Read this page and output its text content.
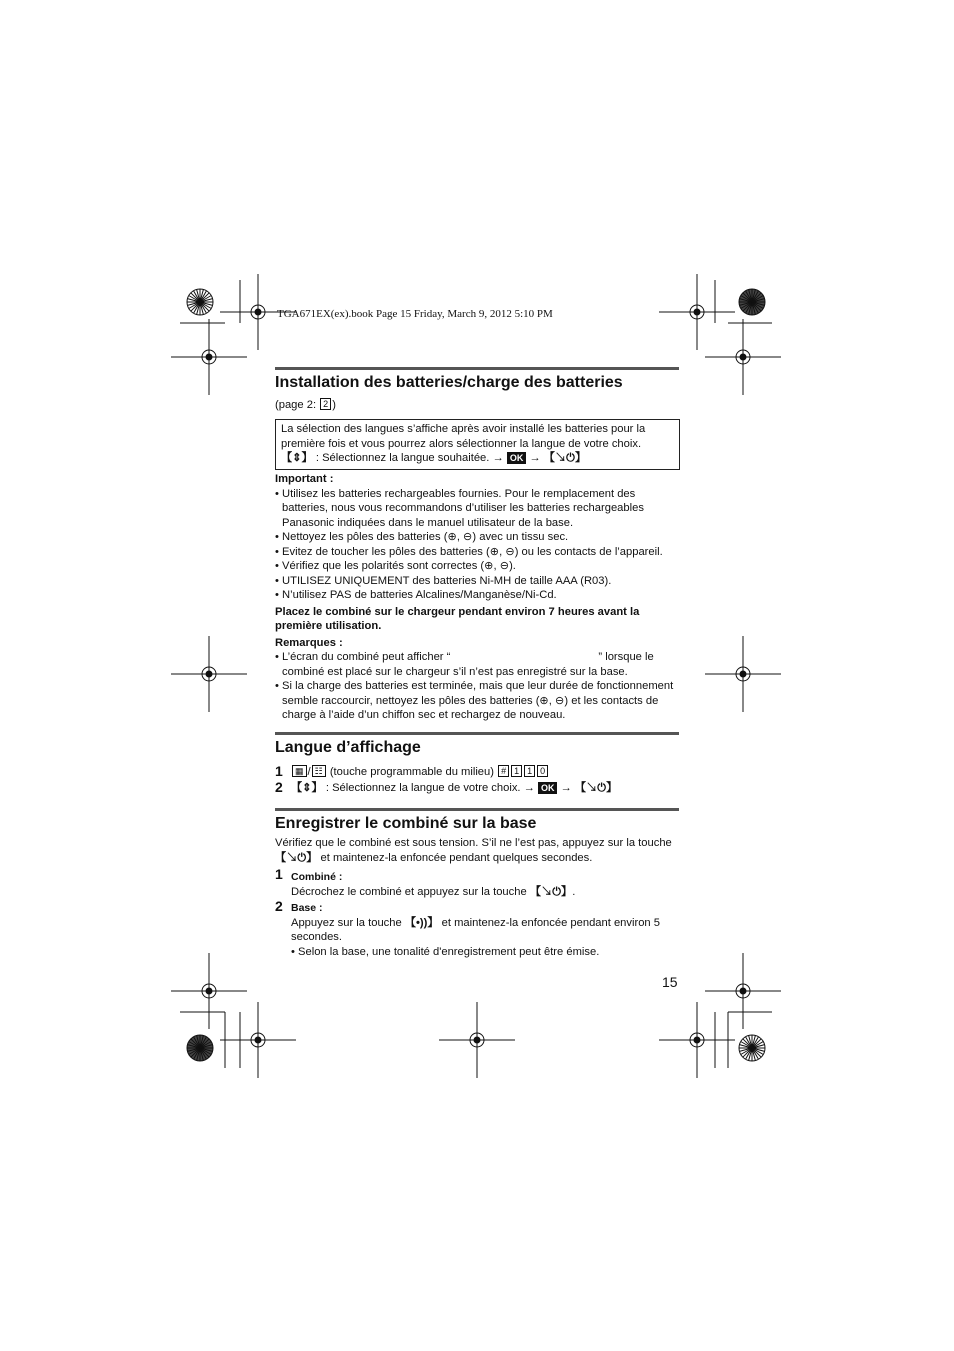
TGA671EX(ex).book Page 15 Friday, March 9, 2012 5:10 PM
Installation des batteries/charge des batteries
(page 2: 2 )
La sélection des langues s’affiche après avoir installé les batteries pour la
première fois et vous pourrez alors sélectionner la langue de votre choix.
【⇕】 : Sélectionnez la langue souhaitée. → OK → 【↘⏻】
Important :
• Utilisez les batteries rechargeables fournies. Pour le remplacement des batteries, nous vous recommandons d’utiliser les batteries rechargeables Panasonic indiquées dans le manuel utilisateur de la base.
• Nettoyez les pôles des batteries (⊕, ⊖) avec un tissu sec.
• Evitez de toucher les pôles des batteries (⊕, ⊖) ou les contacts de l’appareil.
• Vérifiez que les polarités sont correctes (⊕, ⊖).
• UTILISEZ UNIQUEMENT des batteries Ni-MH de taille AAA (R03).
• N’utilisez PAS de batteries Alcalines/Manganèse/Ni-Cd.
Placez le combiné sur le chargeur pendant environ 7 heures avant la
première utilisation.
Remarques :
• L’écran du combiné peut afficher “	” lorsque le
combiné est placé sur le chargeur s’il n’est pas enregistré sur la base.
• Si la charge des batteries est terminée, mais que leur durée de fonctionnement semble raccourcir, nettoyez les pôles des batteries (⊕, ⊖) et les contacts de charge à l’aide d’un chiffon sec et rechargez de nouveau.
Langue d’affichage
1	▦ / ☷ (touche programmable du milieu) # 1 1 0
2 【⇕】 : Sélectionnez la langue de votre choix. → OK → 【↘⏻】
Enregistrer le combiné sur la base
Vérifiez que le combiné est sous tension. S’il ne l’est pas, appuyez sur la touche
【↘⏻】 et maintenez-la enfoncée pendant quelques secondes.
1 Combiné :
Décrochez le combiné et appuyez sur la touche 【↘⏻】.
2 Base :
Appuyez sur la touche 【•))】 et maintenez-la enfoncée pendant environ 5
secondes.
• Selon la base, une tonalité d'enregistrement peut être émise.
15
